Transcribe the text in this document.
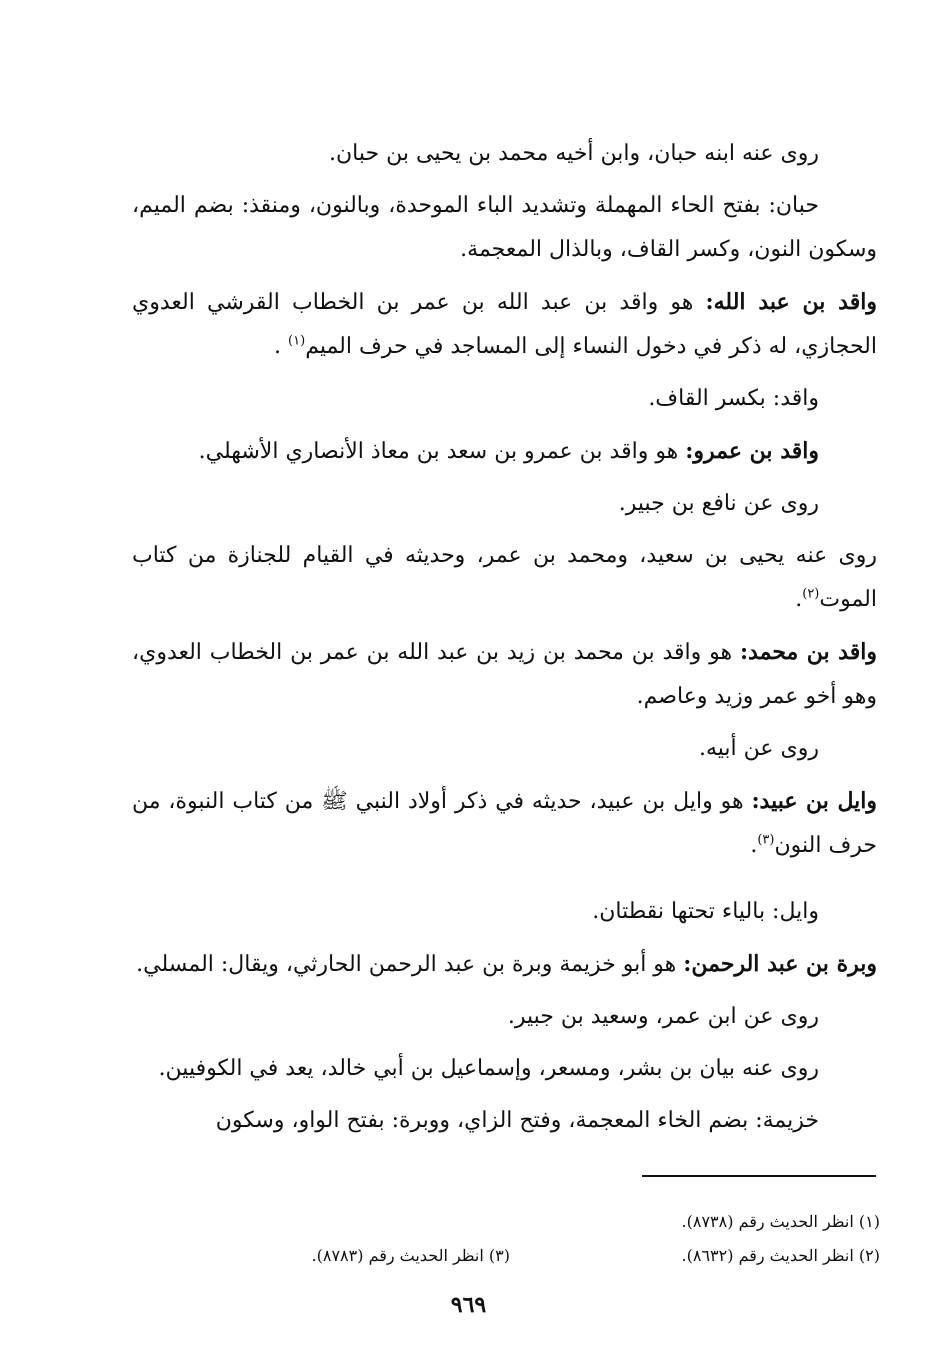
روى عنه ابنه حبان، وابن أخيه محمد بن يحيى بن حبان.

حبان: بفتح الحاء المهملة وتشديد الباء الموحدة، وبالنون، ومنقذ: بضم الميم، وسكون النون، وكسر القاف، وبالذال المعجمة.

واقد بن عبد الله: هو واقد بن عبد الله بن عمر بن الخطاب القرشي العدوي الحجازي، له ذكر في دخول النساء إلى المساجد في حرف الميم$^{(١)}$ .

واقد: بكسر القاف.

واقد بن عمرو: هو واقد بن عمرو بن سعد بن معاذ الأنصاري الأشهلي.

روى عن نافع بن جبير.

روى عنه يحيى بن سعيد، ومحمد بن عمر، وحديثه في القيام للجنازة من كتاب الموت$^{(٢)}$.

واقد بن محمد: هو واقد بن محمد بن زيد بن عبد الله بن عمر بن الخطاب العدوي، وهو أخو عمر وزيد وعاصم.

روى عن أبيه.

وايل بن عبيد: هو وايل بن عبيد، حديثه في ذكر أولاد النبي ﷺ من كتاب النبوة، من حرف النون$^{(٣)}$.

وايل: بالياء تحتها نقطتان.

وبرة بن عبد الرحمن: هو أبو خزيمة وبرة بن عبد الرحمن الحارثي، ويقال: المسلي.

روى عن ابن عمر، وسعيد بن جبير.

روى عنه بيان بن بشر، ومسعر، وإسماعيل بن أبي خالد، يعد في الكوفيين.

خزيمة: بضم الخاء المعجمة، وفتح الزاي، ووبرة: بفتح الواو، وسكون

(١) انظر الحديث رقم (٨٧٣٨).
(٢) انظر الحديث رقم (٨٦٣٢).
(٣) انظر الحديث رقم (٨٧٨٣).
٩٦٩
